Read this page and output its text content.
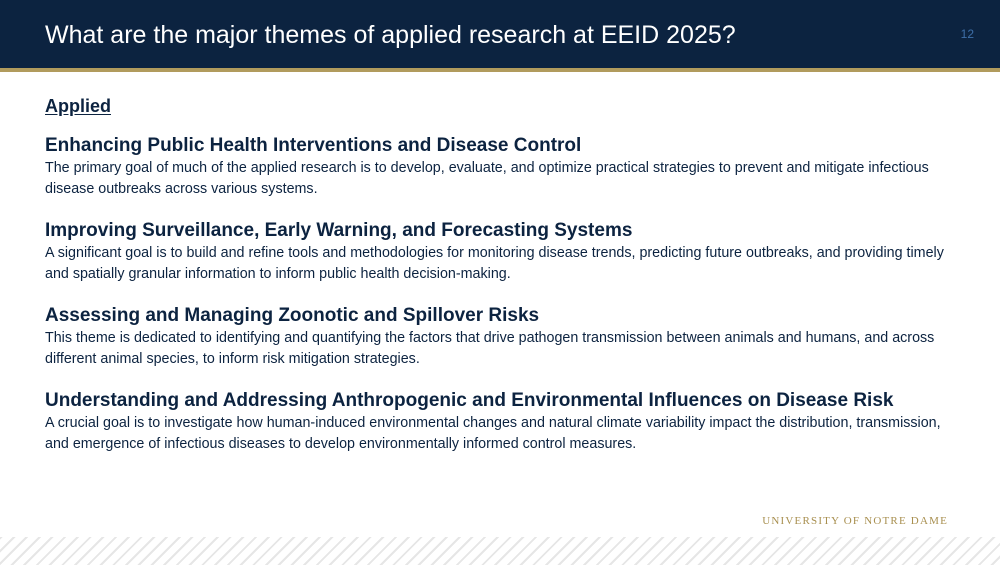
What are the major themes of applied research at EEID 2025?	12
Applied
Enhancing Public Health Interventions and Disease Control

The primary goal of much of the applied research is to develop, evaluate, and optimize practical strategies to prevent and mitigate infectious disease outbreaks across various systems.

Improving Surveillance, Early Warning, and Forecasting Systems

A significant goal is to build and refine tools and methodologies for monitoring disease trends, predicting future outbreaks, and providing timely and spatially granular information to inform public health decision-making.

Assessing and Managing Zoonotic and Spillover Risks

This theme is dedicated to identifying and quantifying the factors that drive pathogen transmission between animals and humans, and across different animal species, to inform risk mitigation strategies.

Understanding and Addressing Anthropogenic and Environmental Influences on Disease Risk

A crucial goal is to investigate how human-induced environmental changes and natural climate variability impact the distribution, transmission, and emergence of infectious diseases to develop environmentally informed control measures.

UNIVERSITY OF NOTRE DAME
